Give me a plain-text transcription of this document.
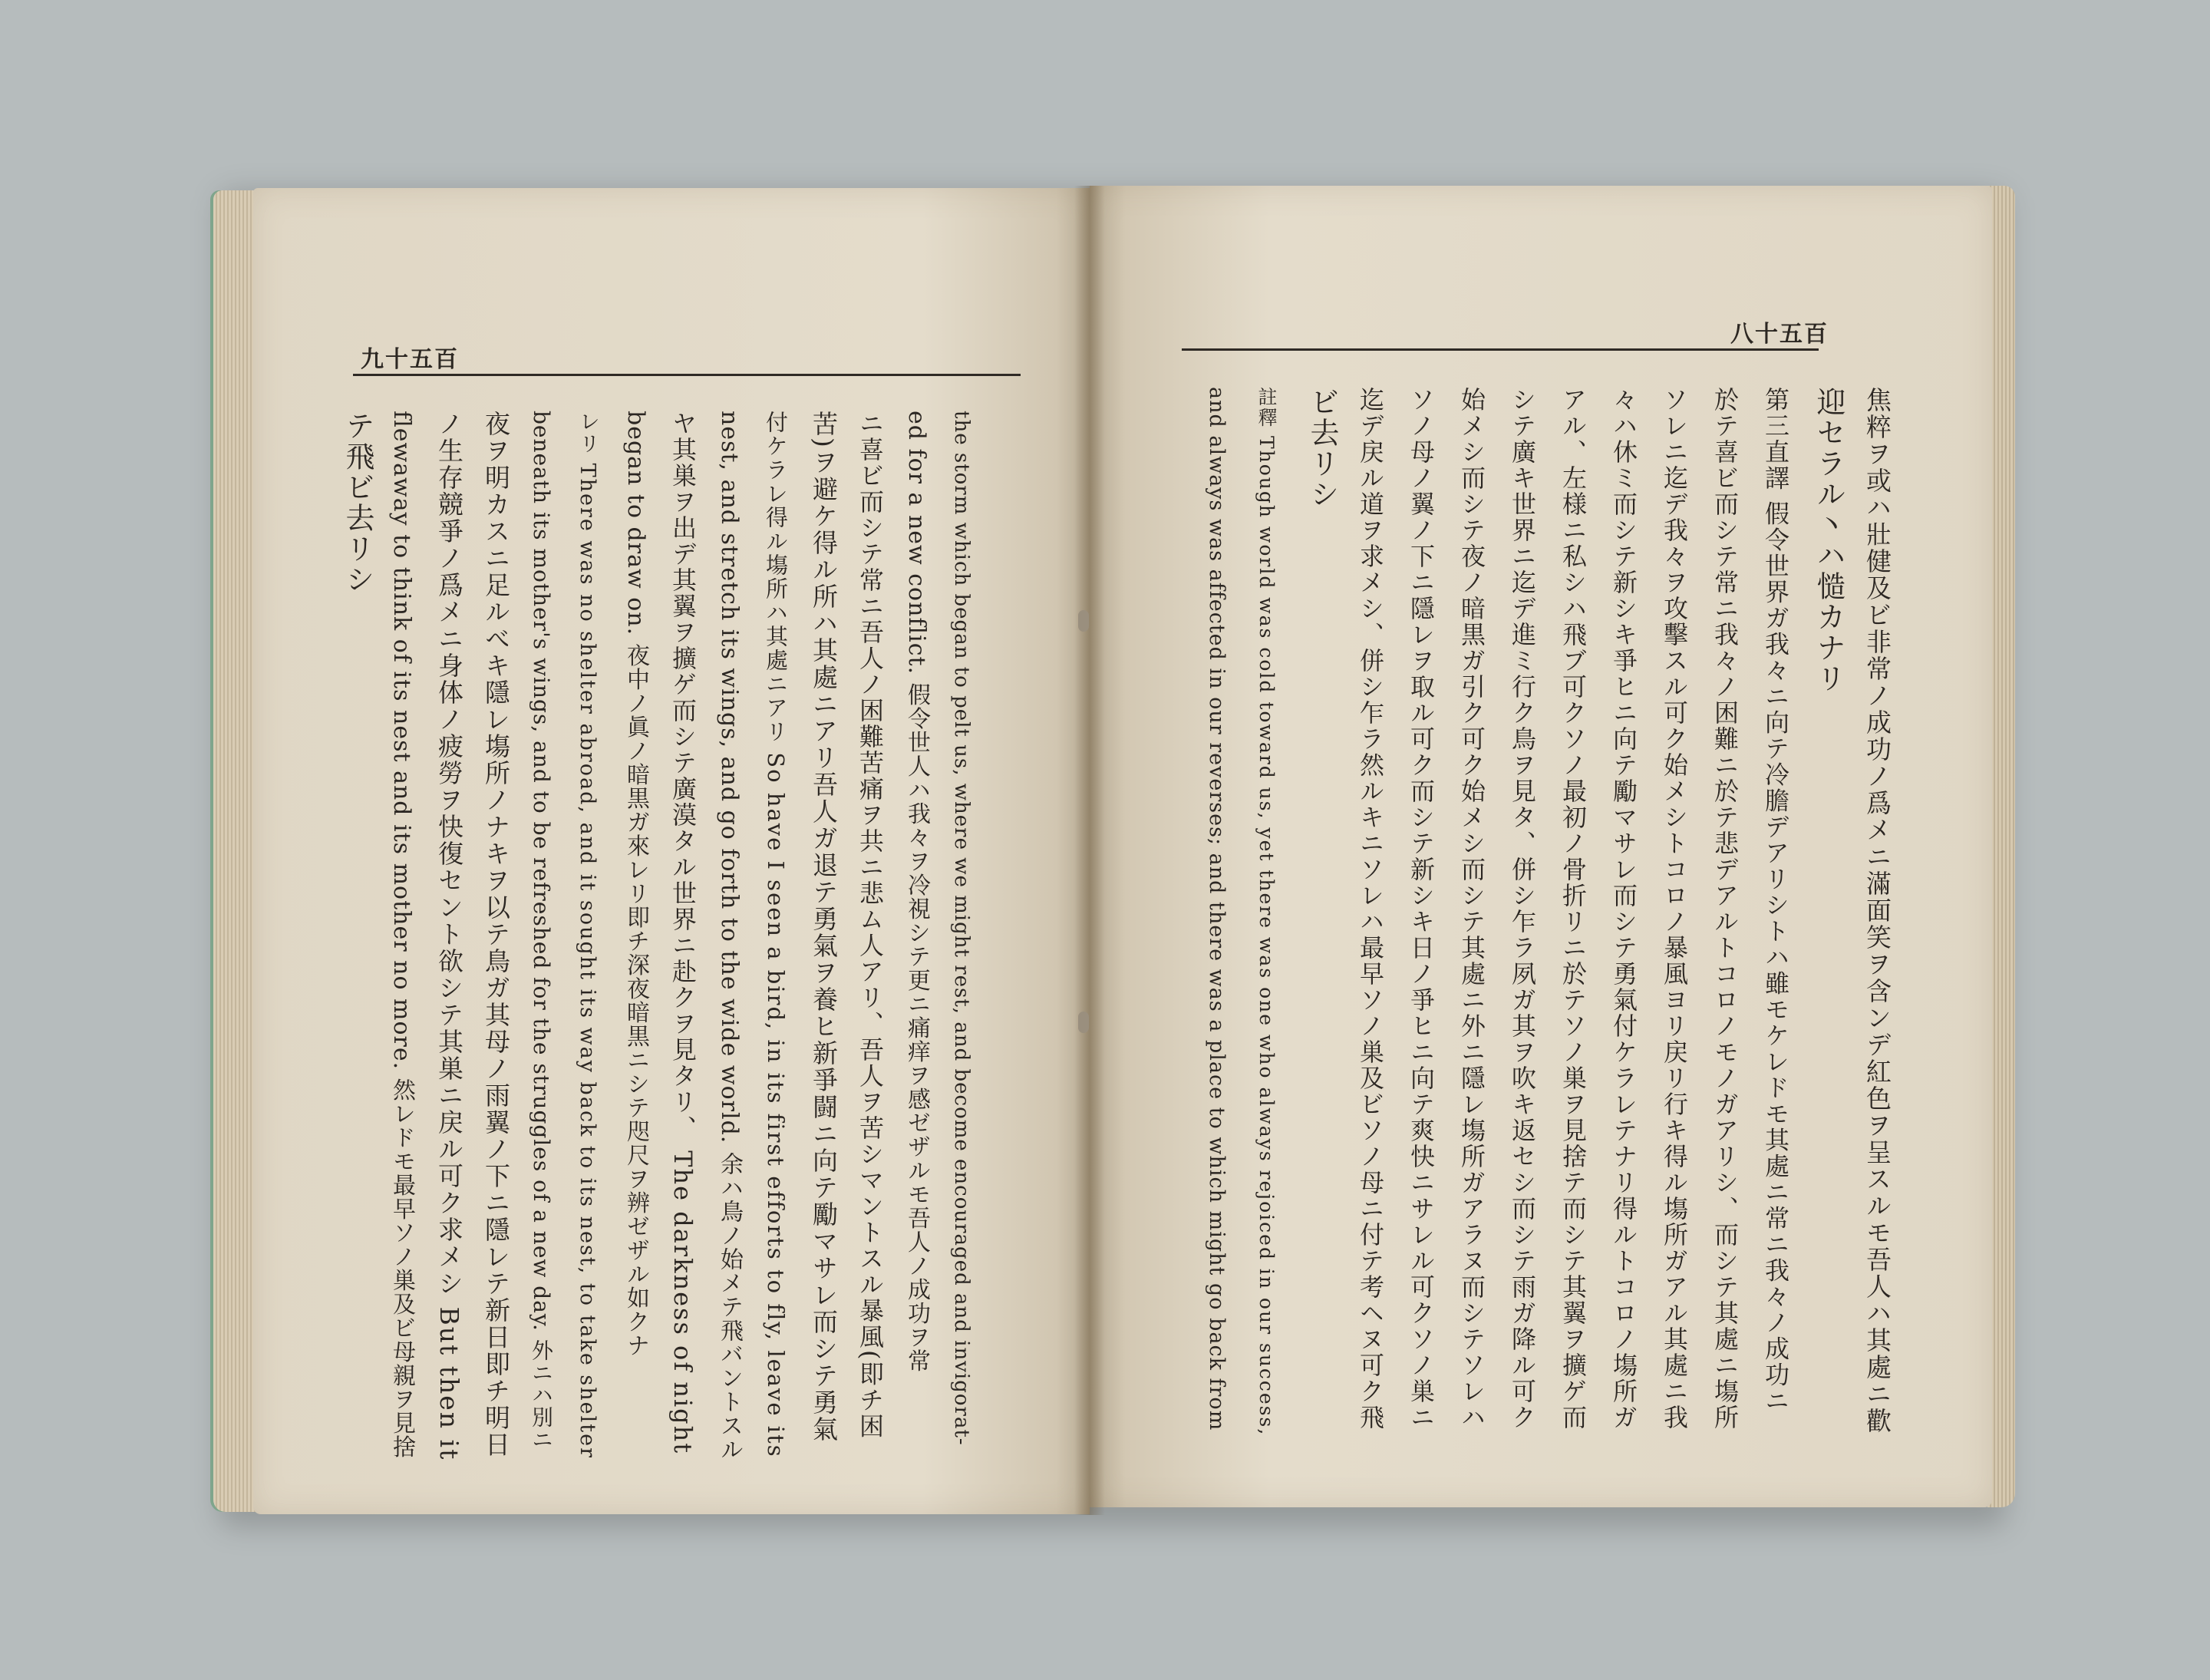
九十五百
the storm which began to pelt us, where we might rest, and become encouraged and invigorat-
ed for a new conflict. 假令世人ハ我々ヲ冷視シテ更ニ痛痒ヲ感ゼザルモ吾人ノ成功ヲ常
ニ喜ビ而シテ常ニ吾人ノ困難苦痛ヲ共ニ悲ム人アリ、吾人ヲ苦シマントスル暴風(即チ困
苦)ヲ避ケ得ル所ハ其處ニアリ吾人ガ退テ勇氣ヲ養ヒ新爭闘ニ向テ勵マサレ而シテ勇氣
付ケラレ得ル塲所ハ其處ニアリ So have I seen a bird, in its first efforts to fly, leave its
nest, and stretch its wings, and go forth to the wide world. 余ハ鳥ノ始メテ飛バントスル
ヤ其巣ヲ出デ其翼ヲ擴ゲ而シテ廣漠タル世界ニ赴クヲ見タリ、 The darkness of night
began to draw on. 夜中ノ眞ノ暗黒ガ來レリ即チ深夜暗黒ニシテ咫尺ヲ辨ゼザル如クナ
レリ There was no shelter abroad, and it sought its way back to its nest, to take shelter
beneath its mother's wings, and to be refreshed for the struggles of a new day. 外ニハ別ニ
夜ヲ明カスニ足ルべキ隱レ塲所ノナキヲ以テ鳥ガ其母ノ雨翼ノ下ニ隱レテ新日即チ明日
ノ生存競爭ノ爲メニ身体ノ疲勞ヲ快復セント欲シテ其巣ニ戻ル可ク求メシ But then it
flewaway to think of its nest and its mother no more. 然レドモ最早ソノ巣及ビ母親ヲ見捨
テ飛ビ去リシ
八十五百
焦粹ヲ或ハ壯健及ビ非常ノ成功ノ爲メニ滿面笑ヲ含ンデ紅色ヲ呈スルモ吾人ハ其處ニ歡
迎セラル丶ハ慥カナリ
第三直譯 假令世界ガ我々ニ向テ冷膽デアリシトハ雖モケレドモ其處ニ常ニ我々ノ成功ニ
於テ喜ビ而シテ常ニ我々ノ困難ニ於テ悲デアルトコロノモノガアリシ、而シテ其處ニ塲所
ソレニ迄デ我々ヲ攻擊スル可ク始メシトコロノ暴風ヨリ戻リ行キ得ル塲所ガアル其處ニ我
々ハ休ミ而シテ新シキ爭ヒニ向テ勵マサレ而シテ勇氣付ケラレテナリ得ルトコロノ塲所ガ
アル、左様ニ私シハ飛ブ可クソノ最初ノ骨折リニ於テソノ巣ヲ見捨テ而シテ其翼ヲ擴ゲ而
シテ廣キ世界ニ迄デ進ミ行ク鳥ヲ見タ、併シ乍ラ夙ガ其ヲ吹キ返セシ而シテ雨ガ降ル可ク
始メシ而シテ夜ノ暗黒ガ引ク可ク始メシ而シテ其處ニ外ニ隱レ塲所ガアラヌ而シテソレハ
ソノ母ノ翼ノ下ニ隱レヲ取ル可ク而シテ新シキ日ノ爭ヒニ向テ爽快ニサレル可クソノ巣ニ
迄デ戻ル道ヲ求メシ、併シ乍ラ然ルキニソレハ最早ソノ巣及ビソノ母ニ付テ考ヘヌ可ク飛
ビ去リシ
註釋 Though world was cold toward us, yet there was one who always rejoiced in our success,
and always was affected in our reverses; and there was a place to which might go back from
